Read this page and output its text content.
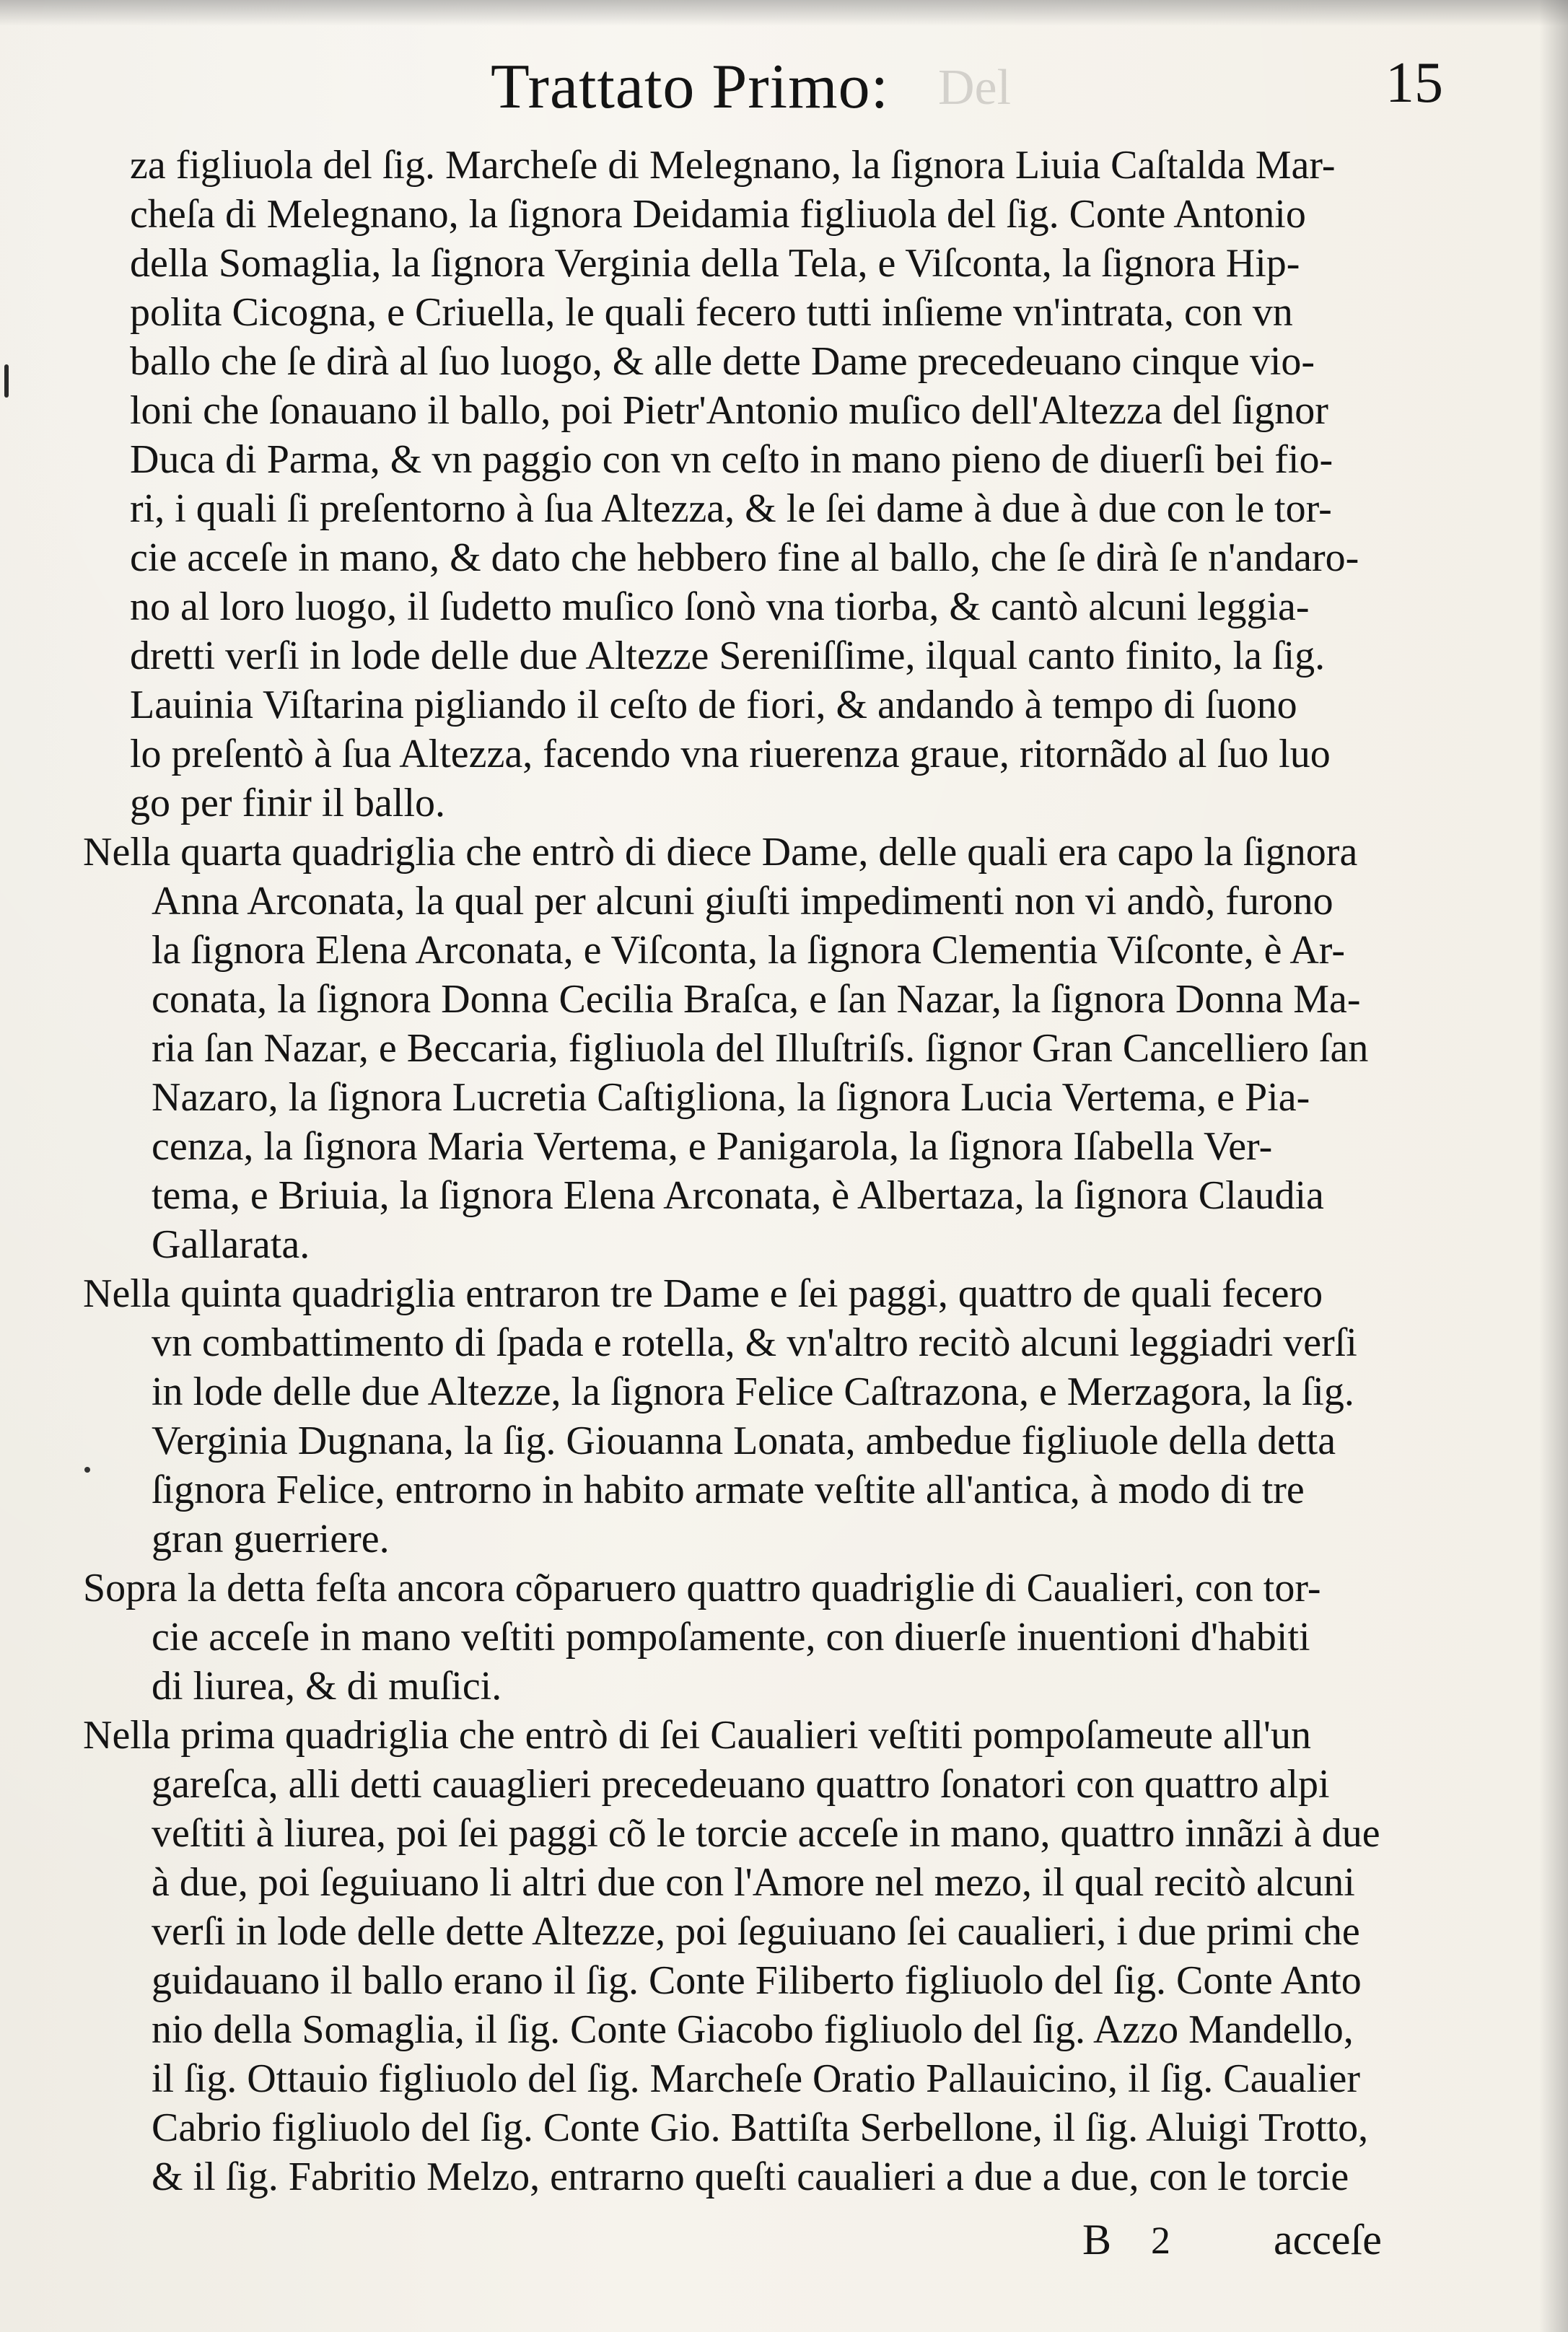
Trattato Primo: Del	15
za figliuola del ſig. Marcheſe di Melegnano, la ſignora Liuia Caſtalda Mar-
cheſa di Melegnano, la ſignora Deidamia figliuola del ſig. Conte Antonio
della Somaglia, la ſignora Verginia della Tela, e Viſconta, la ſignora Hip-
polita Cicogna, e Criuella, le quali fecero tutti inſieme vn'intrata, con vn
ballo che ſe dirà al ſuo luogo, & alle dette Dame precedeuano cinque vio-
loni che ſonauano il ballo, poi Pietr'Antonio muſico dell'Altezza del ſignor
Duca di Parma, & vn paggio con vn ceſto in mano pieno de diuerſi bei fio-
ri, i quali ſi preſentorno à ſua Altezza, & le ſei dame à due à due con le tor-
cie acceſe in mano, & dato che hebbero fine al ballo, che ſe dirà ſe n'andaro-
no al loro luogo, il ſudetto muſico ſonò vna tiorba, & cantò alcuni leggia-
dretti verſi in lode delle due Altezze Sereniſſime, ilqual canto finito, la ſig.
Lauinia Viſtarina pigliando il ceſto de fiori, & andando à tempo di ſuono
lo preſentò à ſua Altezza, facendo vna riuerenza graue, ritornãdo al ſuo luo
go per finir il ballo.
Nella quarta quadriglia che entrò di diece Dame, delle quali era capo la ſignora
Anna Arconata, la qual per alcuni giuſti impedimenti non vi andò, furono
la ſignora Elena Arconata, e Viſconta, la ſignora Clementia Viſconte, è Ar-
conata, la ſignora Donna Cecilia Braſca, e ſan Nazar, la ſignora Donna Ma-
ria ſan Nazar, e Beccaria, figliuola del Illuſtriſs. ſignor Gran Cancelliero ſan
Nazaro, la ſignora Lucretia Caſtigliona, la ſignora Lucia Vertema, e Pia-
cenza, la ſignora Maria Vertema, e Panigarola, la ſignora Iſabella Ver-
tema, e Briuia, la ſignora Elena Arconata, è Albertaza, la ſignora Claudia
Gallarata.
Nella quinta quadriglia entraron tre Dame e ſei paggi, quattro de quali fecero
vn combattimento di ſpada e rotella, & vn'altro recitò alcuni leggiadri verſi
in lode delle due Altezze, la ſignora Felice Caſtrazona, e Merzagora, la ſig.
Verginia Dugnana, la ſig. Giouanna Lonata, ambedue figliuole della detta
ſignora Felice, entrorno in habito armate veſtite all'antica, à modo di tre
gran guerriere.
Sopra la detta feſta ancora cõparuero quattro quadriglie di Caualieri, con tor-
cie acceſe in mano veſtiti pompoſamente, con diuerſe inuentioni d'habiti
di liurea, & di muſici.
Nella prima quadriglia che entrò di ſei Caualieri veſtiti pompoſameute all'un
gareſca, alli detti cauaglieri precedeuano quattro ſonatori con quattro alpi
veſtiti à liurea, poi ſei paggi cõ le torcie acceſe in mano, quattro innãzi à due
à due, poi ſeguiuano li altri due con l'Amore nel mezo, il qual recitò alcuni
verſi in lode delle dette Altezze, poi ſeguiuano ſei caualieri, i due primi che
guidauano il ballo erano il ſig. Conte Filiberto figliuolo del ſig. Conte Anto
nio della Somaglia, il ſig. Conte Giacobo figliuolo del ſig. Azzo Mandello,
il ſig. Ottauio figliuolo del ſig. Marcheſe Oratio Pallauicino, il ſig. Caualier
Cabrio figliuolo del ſig. Conte Gio. Battiſta Serbellone, il ſig. Aluigi Trotto,
& il ſig. Fabritio Melzo, entrarno queſti caualieri a due a due, con le torcie
B 2 acceſe
